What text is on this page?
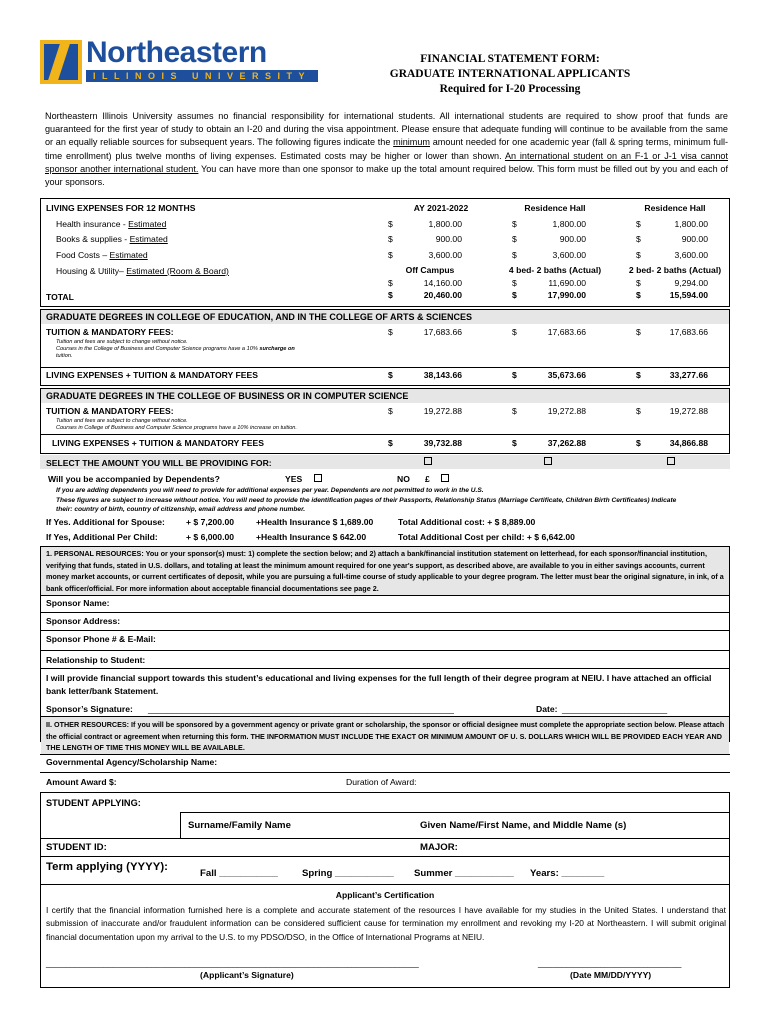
Northeastern
ILLINOIS UNIVERSITY
FINANCIAL STATEMENT FORM:
GRADUATE INTERNATIONAL APPLICANTS
Required for I-20 Processing
Northeastern Illinois University assumes no financial responsibility for international students. All international students are required to show proof that funds are guaranteed for the first year of study to obtain an I-20 and during the visa appointment. Please ensure that adequate funding will continue to be available from the same or an equally reliable sources for subsequent years. The following figures indicate the minimum amount needed for one academic year (fall & spring terms, minimum full-time enrollment) plus twelve months of living expenses. Estimated costs may be higher or lower than shown. An international student on an F-1 or J-1 visa cannot sponsor another international student. You can have more than one sponsor to make up the total amount required below. This form must be filled out by you and each of your sponsors.
LIVING EXPENSES FOR 12 MONTHS	AY 2021-2022	Residence Hall	Residence Hall
Health insurance - Estimated	$	1,800.00	$	1,800.00	$	1,800.00
Books & supplies - Estimated	$	900.00	$	900.00	$	900.00
Food Costs – Estimated	$	3,600.00	$	3,600.00	$	3,600.00
Housing & Utility– Estimated (Room & Board)	Off Campus	4 bed- 2 baths (Actual)	2 bed- 2 baths (Actual)
$	14,160.00	$	11,690.00	$	9,294.00
TOTAL	$	20,460.00	$	17,990.00	$	15,594.00
GRADUATE DEGREES IN COLLEGE OF EDUCATION, AND IN THE COLLEGE OF ARTS & SCIENCES
TUITION & MANDATORY FEES:
Tuition and fees are subject to change without notice.
Courses in the College of Business and Computer Science programs have a 10% surcharge on
tuition.
$	17,683.66	$	17,683.66	$	17,683.66
LIVING EXPENSES + TUITION & MANDATORY FEES	$	38,143.66	$	35,673.66	$	33,277.66
GRADUATE DEGREES IN THE COLLEGE OF BUSINESS OR IN COMPUTER SCIENCE
TUITION & MANDATORY FEES:
Tuition and fees are subject to change without notice.
Courses in College of Business and Computer Science programs have a 10% increase on tuition.
$	19,272.88	$	19,272.88	$	19,272.88
LIVING EXPENSES + TUITION & MANDATORY FEES	$	39,732.88	$	37,262.88	$	34,866.88
SELECT THE AMOUNT YOU WILL BE PROVIDING FOR:
Will you be accompanied by Dependents?	YES	NO £
If you are adding dependents you will need to provide for additional expenses per year. Dependents are not permitted to work in the U.S.
These figures are subject to increase without notice. You will need to provide the identification pages of their Passports, Relationship Status (Marriage Certificate, Children Birth Certificates) Indicate
their: country of birth, country of citizenship, email address and phone number.
If Yes. Additional for Spouse: + $ 7,200.00	+Health Insurance $ 1,689.00	Total Additional cost: + $ 8,889.00
If Yes, Additional Per Child:	+ $ 6,000.00	+Health Insurance $ 642.00	Total Additional Cost per child: + $ 6,642.00
1. PERSONAL RESOURCES: You or your sponsor(s) must: 1) complete the section below; and 2) attach a bank/financial institution statement on letterhead, for each sponsor/financial institution, verifying that funds, stated in U.S. dollars, and totaling at least the minimum amount required for one year's support, as described above, are available to you in either savings accounts, current money market accounts, or current certificates of deposit, while you are pursuing a full-time course of study applicable to your degree program. The letter must bear the original signature, in ink, of a bank officer/official. For more information about acceptable financial documentations see page 2.
Sponsor Name:
Sponsor Address:
Sponsor Phone # & E-Mail:
Relationship to Student:
I will provide financial support towards this student’s educational and living expenses for the full length of their degree program at NEIU. I have attached an official bank letter/bank Statement.
Sponsor’s Signature: ________________________________________________________________	Date: ______________________
II. OTHER RESOURCES: If you will be sponsored by a government agency or private grant or scholarship, the sponsor or official designee must complete the appropriate section below. Please attach the official contract or agreement when returning this form. THE INFORMATION MUST INCLUDE THE EXACT OR MINIMUM AMOUNT OF U. S. DOLLARS WHICH WILL BE PROVIDED EACH YEAR AND THE LENGTH OF TIME THIS MONEY WILL BE AVAILABLE.
Governmental Agency/Scholarship Name:
Amount Award $:	Duration of Award:
STUDENT APPLYING:
Surname/Family Name	Given Name/First Name, and Middle Name (s)
STUDENT ID:	MAJOR:
Term applying (YYYY):
Fall ___________	Spring ___________ Summer ___________ Years: ________
Applicant’s Certification
I certify that the financial information furnished here is a complete and accurate statement of the resources I have available for my studies in the United States. I understand that submission of inaccurate and/or fraudulent information can be considered sufficient cause for termination my enrollment and revoking my I-20 at Northeastern. I will submit original financial documentation upon my arrival to the U.S. to my PDSO/DSO, in the Office of International Programs at NEIU.
______________________________________________________________________________	______________________________
(Applicant’s Signature)	(Date MM/DD/YYYY)
